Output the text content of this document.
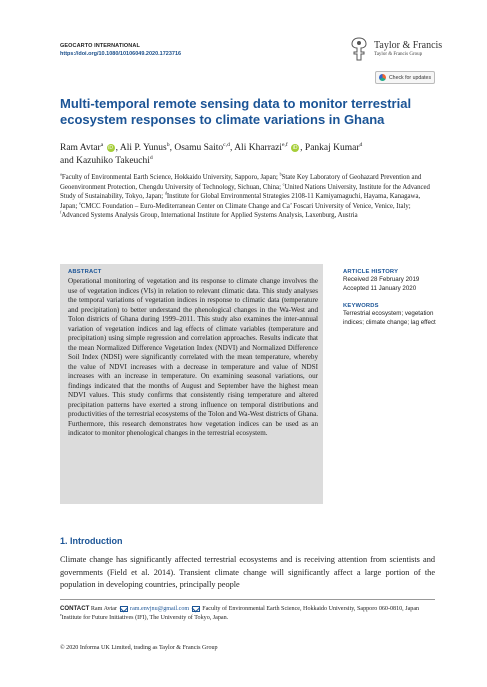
GEOCARTO INTERNATIONAL
https://doi.org/10.1080/10106049.2020.1723716
Taylor & Francis
Taylor & Francis Group
Check for updates
Multi-temporal remote sensing data to monitor terrestrial ecosystem responses to climate variations in Ghana
Ram Avtar$^a$ iD , Ali P. Yunus$^b$, Osamu Saito$^{c,d}$, Ali Kharrazi$^{e,f}$ iD , Pankaj Kumar$^d$
and Kazuhiko Takeuchi$^d$
$^a$Faculty of Environmental Earth Science, Hokkaido University, Sapporo, Japan; $^b$State Key Laboratory of Geohazard Prevention and Geoenvironment Protection, Chengdu University of Technology, Sichuan, China; $^c$United Nations University, Institute for the Advanced Study of Sustainability, Tokyo, Japan; $^d$Institute for Global Environmental Strategies 2108-11 Kamiyamaguchi, Hayama, Kanagawa, Japan; $^e$CMCC Foundation – Euro-Mediterranean Center on Climate Change and Ca’ Foscari University of Venice, Venice, Italy; $^f$Advanced Systems Analysis Group, International Institute for Applied Systems Analysis, Laxenburg, Austria
ABSTRACT
Operational monitoring of vegetation and its response to climate change involves the use of vegetation indices (VIs) in relation to relevant climatic data. This study analyses the temporal variations of vegetation indices in response to climatic data (temperature and precipitation) to better understand the phenological changes in the Wa-West and Tolon districts of Ghana during 1999–2011. This study also examines the inter-annual variation of vegetation indices and lag effects of climate variables (temperature and precipitation) using simple regression and correlation approaches. Results indicate that the mean Normalized Difference Vegetation Index (NDVI) and Normalized Difference Soil Index (NDSI) were significantly correlated with the mean temperature, whereby the value of NDVI increases with a decrease in temperature and value of NDSI increases with an increase in temperature. On examining seasonal variations, our findings indicated that the months of August and September have the highest mean NDVI values. This study confirms that consistently rising temperature and altered precipitation patterns have exerted a strong influence on temporal distributions and productivities of the terrestrial ecosystems of the Tolon and Wa-West districts of Ghana. Furthermore, this research demonstrates how vegetation indices can be used as an indicator to monitor phenological changes in the terrestrial ecosystem.
ARTICLE HISTORY
Received 28 February 2019
Accepted 11 January 2020
KEYWORDS
Terrestrial ecosystem; vegetation indices; climate change; lag effect
1. Introduction
Climate change has significantly affected terrestrial ecosystems and is receiving attention from scientists and governments (Field et al. 2014). Transient climate change will significantly affect a large portion of the population in developing countries, principally people
CONTACT Ram Avtar  ram.envjnu@gmail.com  Faculty of Environmental Earth Science, Hokkaido University, Sapporo 060-0810, Japan
$^e$Institute for Future Initiatives (IFI), The University of Tokyo, Japan.
© 2020 Informa UK Limited, trading as Taylor & Francis Group
